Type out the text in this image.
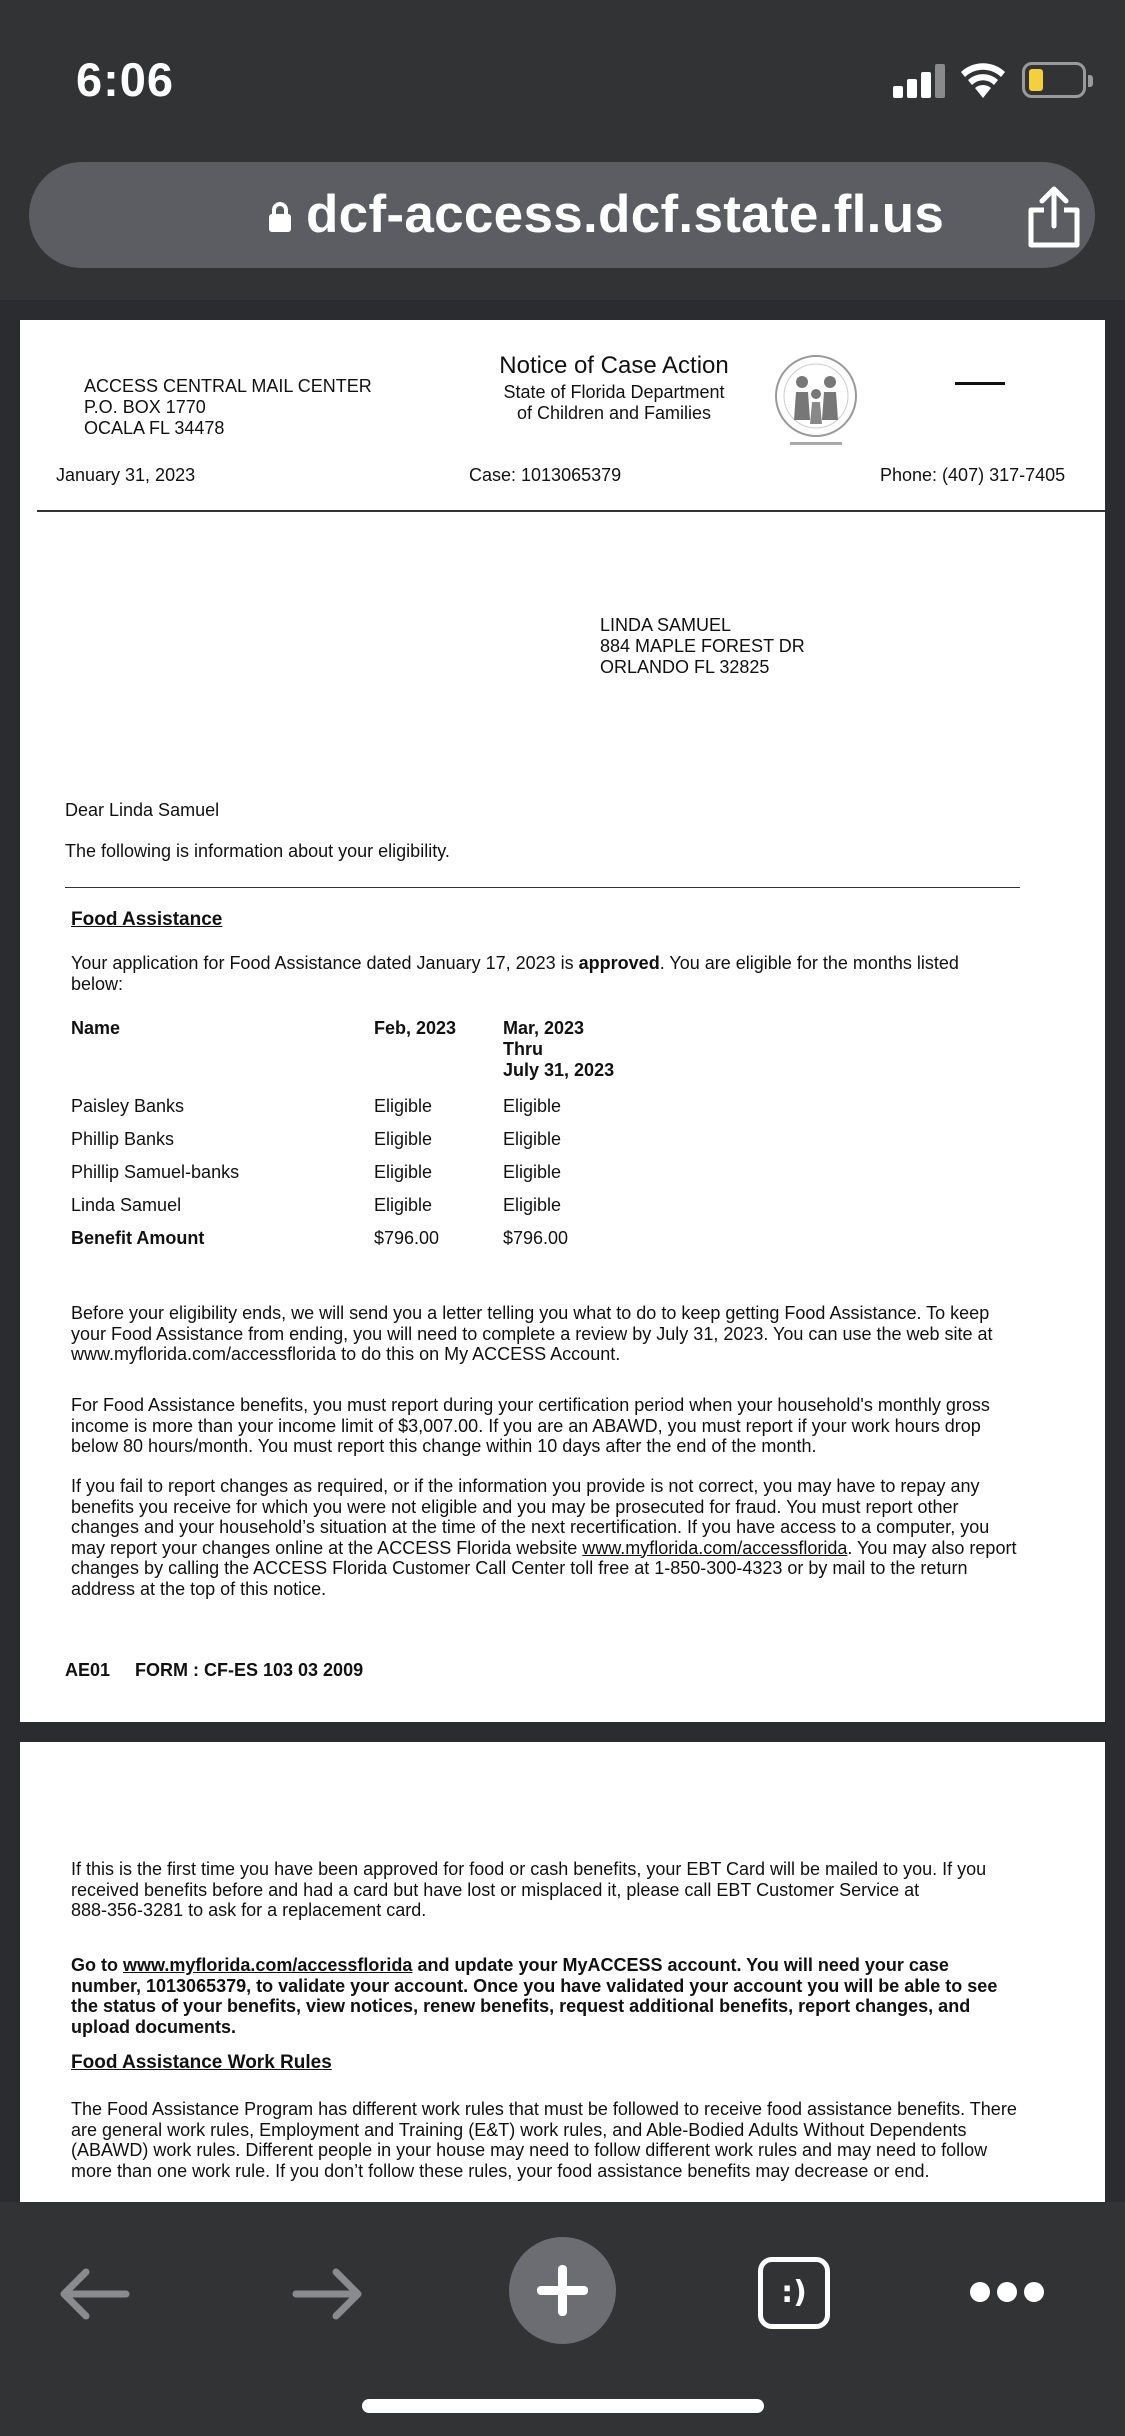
6:06
dcf-access.dcf.state.fl.us
ACCESS CENTRAL MAIL CENTER
P.O. BOX 1770
OCALA FL 34478
Notice of Case Action
State of Florida Department
of Children and Families
January 31, 2023	Case: 1013065379	Phone: (407) 317-7405
LINDA SAMUEL
884 MAPLE FOREST DR
ORLANDO FL 32825
Dear Linda Samuel
The following is information about your eligibility.
Food Assistance
Your application for Food Assistance dated January 17, 2023 is approved. You are eligible for the months listed
below:
Name	Feb, 2023	Mar, 2023
Thru
July 31, 2023
Paisley Banks	Eligible	Eligible
Phillip Banks	Eligible	Eligible
Phillip Samuel-banks	Eligible	Eligible
Linda Samuel	Eligible	Eligible
Benefit Amount	$796.00	$796.00
Before your eligibility ends, we will send you a letter telling you what to do to keep getting Food Assistance. To keep
your Food Assistance from ending, you will need to complete a review by July 31, 2023. You can use the web site at
www.myflorida.com/accessflorida to do this on My ACCESS Account.
For Food Assistance benefits, you must report during your certification period when your household's monthly gross
income is more than your income limit of $3,007.00. If you are an ABAWD, you must report if your work hours drop
below 80 hours/month. You must report this change within 10 days after the end of the month.
If you fail to report changes as required, or if the information you provide is not correct, you may have to repay any
benefits you receive for which you were not eligible and you may be prosecuted for fraud. You must report other
changes and your household’s situation at the time of the next recertification. If you have access to a computer, you
may report your changes online at the ACCESS Florida website www.myflorida.com/accessflorida. You may also report
changes by calling the ACCESS Florida Customer Call Center toll free at 1-850-300-4323 or by mail to the return
address at the top of this notice.
AE01 FORM : CF-ES 103 03 2009
If this is the first time you have been approved for food or cash benefits, your EBT Card will be mailed to you. If you
received benefits before and had a card but have lost or misplaced it, please call EBT Customer Service at
888-356-3281 to ask for a replacement card.
Go to www.myflorida.com/accessflorida and update your MyACCESS account. You will need your case
number, 1013065379, to validate your account. Once you have validated your account you will be able to see
the status of your benefits, view notices, renew benefits, request additional benefits, report changes, and
upload documents.
Food Assistance Work Rules
The Food Assistance Program has different work rules that must be followed to receive food assistance benefits. There
are general work rules, Employment and Training (E&T) work rules, and Able-Bodied Adults Without Dependents
(ABAWD) work rules. Different people in your house may need to follow different work rules and may need to follow
more than one work rule. If you don’t follow these rules, your food assistance benefits may decrease or end.
:)
